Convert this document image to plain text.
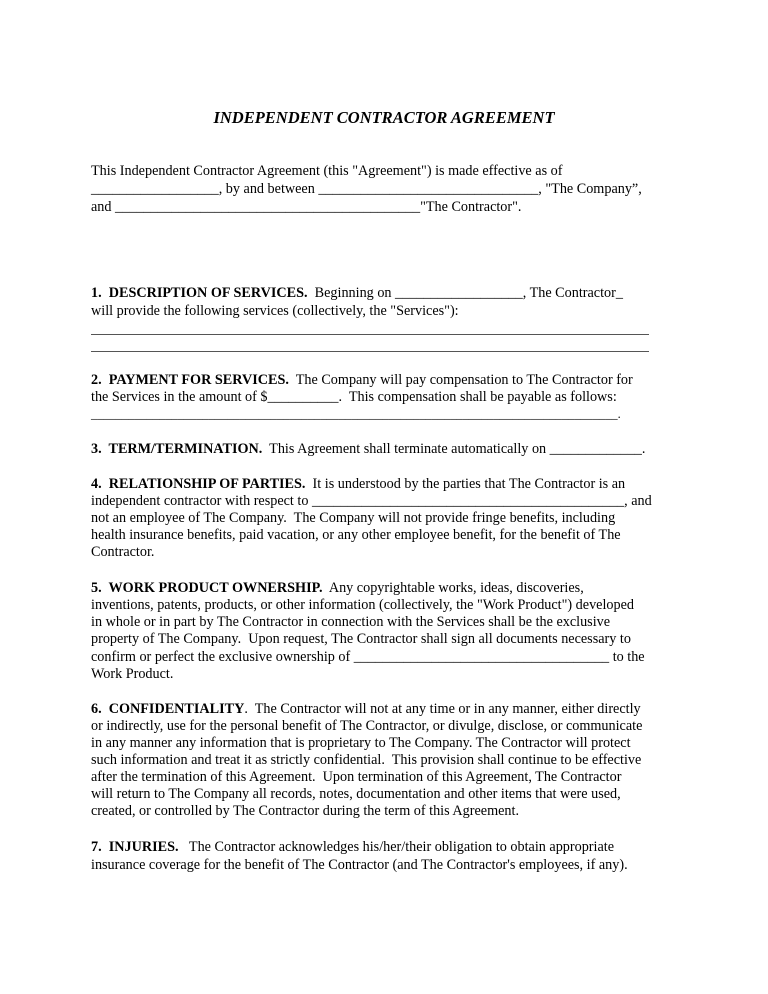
INDEPENDENT CONTRACTOR AGREEMENT
This Independent Contractor Agreement (this "Agreement") is made effective as of
__________________, by and between _______________________________, "The Company”,
and ___________________________________________"The Contractor".
1.  DESCRIPTION OF SERVICES.  Beginning on __________________, The Contractor_
will provide the following services (collectively, the "Services"):
2.  PAYMENT FOR SERVICES.  The Company will pay compensation to The Contractor for
the Services in the amount of $__________.  This compensation shall be payable as follows:
_____________________________________________________________________________________.
3.  TERM/TERMINATION.  This Agreement shall terminate automatically on _____________.
4.  RELATIONSHIP OF PARTIES.  It is understood by the parties that The Contractor is an
independent contractor with respect to ____________________________________________, and
not an employee of The Company.  The Company will not provide fringe benefits, including
health insurance benefits, paid vacation, or any other employee benefit, for the benefit of The
Contractor.
5.  WORK PRODUCT OWNERSHIP.  Any copyrightable works, ideas, discoveries,
inventions, patents, products, or other information (collectively, the "Work Product") developed
in whole or in part by The Contractor in connection with the Services shall be the exclusive
property of The Company.  Upon request, The Contractor shall sign all documents necessary to
confirm or perfect the exclusive ownership of ____________________________________ to the
Work Product.
6.  CONFIDENTIALITY.  The Contractor will not at any time or in any manner, either directly
or indirectly, use for the personal benefit of The Contractor, or divulge, disclose, or communicate
in any manner any information that is proprietary to The Company. The Contractor will protect
such information and treat it as strictly confidential.  This provision shall continue to be effective
after the termination of this Agreement.  Upon termination of this Agreement, The Contractor
will return to The Company all records, notes, documentation and other items that were used,
created, or controlled by The Contractor during the term of this Agreement.
7.  INJURIES.   The Contractor acknowledges his/her/their obligation to obtain appropriate
insurance coverage for the benefit of The Contractor (and The Contractor's employees, if any).
